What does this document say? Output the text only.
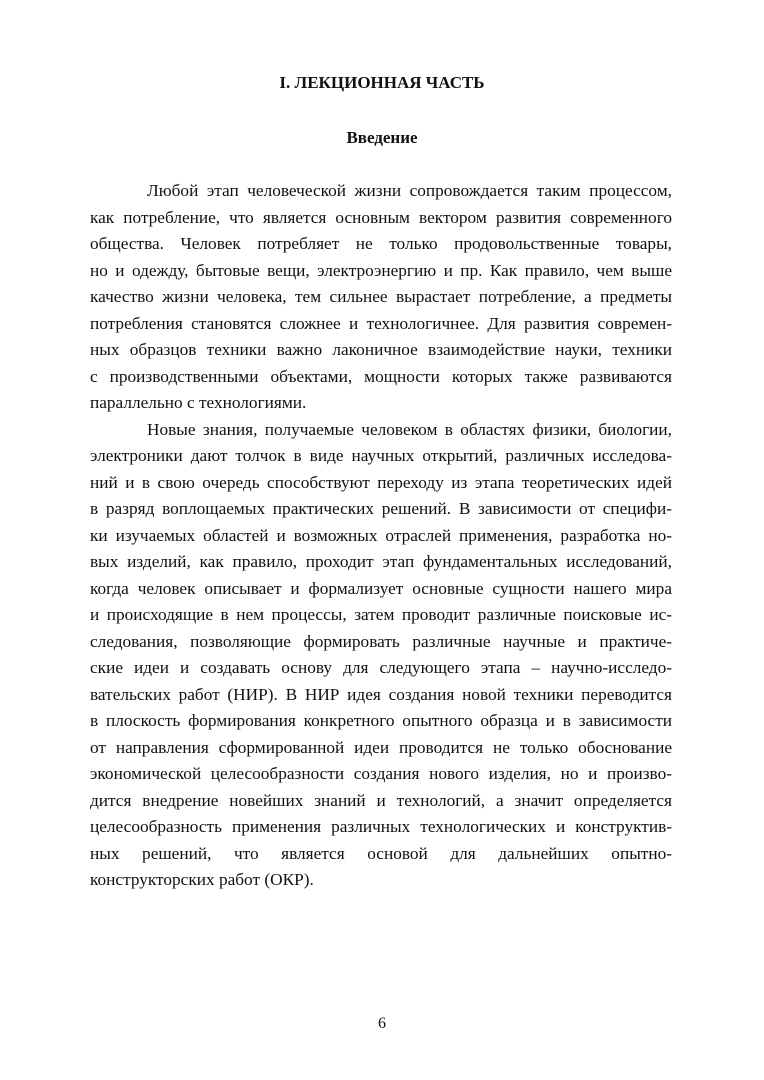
I. ЛЕКЦИОННАЯ ЧАСТЬ
Введение
Любой этап человеческой жизни сопровождается таким процессом,
как потребление, что является основным вектором развития современного
общества. Человек потребляет не только продовольственные товары,
но и одежду, бытовые вещи, электроэнергию и пр. Как правило, чем выше
качество жизни человека, тем сильнее вырастает потребление, а предметы
потребления становятся сложнее и технологичнее. Для развития современ-
ных образцов техники важно лаконичное взаимодействие науки, техники
с производственными объектами, мощности которых также развиваются
параллельно с технологиями.
Новые знания, получаемые человеком в областях физики, биологии,
электроники дают толчок в виде научных открытий, различных исследова-
ний и в свою очередь способствуют переходу из этапа теоретических идей
в разряд воплощаемых практических решений. В зависимости от специфи-
ки изучаемых областей и возможных отраслей применения, разработка но-
вых изделий, как правило, проходит этап фундаментальных исследований,
когда человек описывает и формализует основные сущности нашего мира
и происходящие в нем процессы, затем проводит различные поисковые ис-
следования, позволяющие формировать различные научные и практиче-
ские идеи и создавать основу для следующего этапа – научно-исследо-
вательских работ (НИР). В НИР идея создания новой техники переводится
в плоскость формирования конкретного опытного образца и в зависимости
от направления сформированной идеи проводится не только обоснование
экономической целесообразности создания нового изделия, но и произво-
дится внедрение новейших знаний и технологий, а значит определяется
целесообразность применения различных технологических и конструктив-
ных решений, что является основой для дальнейших опытно-
конструкторских работ (ОКР).
6
